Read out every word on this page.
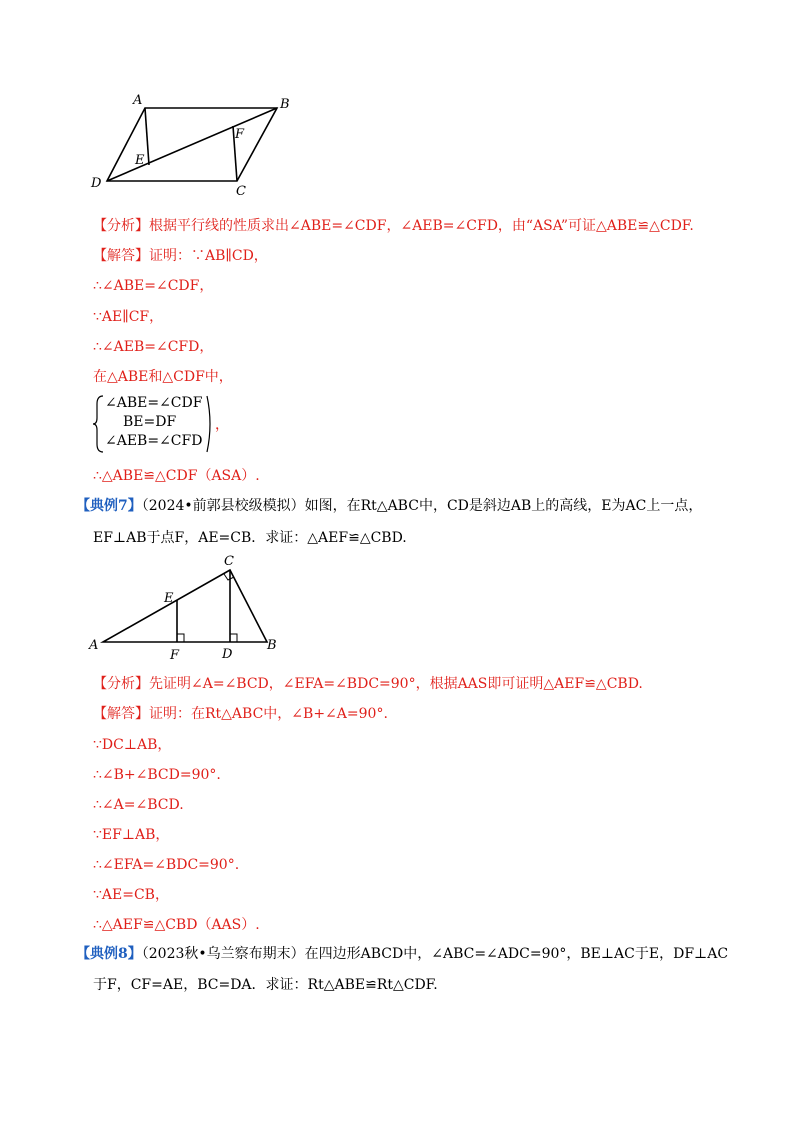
A	B
C
D
E
F
【分析】根据平行线的性质求出∠ABE=∠CDF，∠AEB=∠CFD，由“ASA”可证△ABE≌△CDF.
【解答】证明：∵AB∥CD，
∴∠ABE=∠CDF，
∵AE∥CF，
∴∠AEB=∠CFD，
在△ABE和△CDF中，
∠ABE=∠CDF
BE=DF
∠AEB=∠CFD
，
∴△ABE≌△CDF（ASA）.
【典例7】（2024•前郭县校级模拟）如图，在Rt△ABC中，CD是斜边AB上的高线，E为AC上一点，
EF⊥AB于点F，AE=CB．求证：△AEF≌△CBD.
A	B
C
D
E
F
【分析】先证明∠A=∠BCD，∠EFA=∠BDC=90°，根据AAS即可证明△AEF≌△CBD.
【解答】证明：在Rt△ABC中，∠B+∠A=90°.
∵DC⊥AB，
∴∠B+∠BCD=90°.
∴∠A=∠BCD.
∵EF⊥AB，
∴∠EFA=∠BDC=90°.
∵AE=CB，
∴△AEF≌△CBD（AAS）.
【典例8】（2023秋•乌兰察布期末）在四边形ABCD中，∠ABC=∠ADC=90°，BE⊥AC于E，DF⊥AC
于F，CF=AE，BC=DA．求证：Rt△ABE≌Rt△CDF.
